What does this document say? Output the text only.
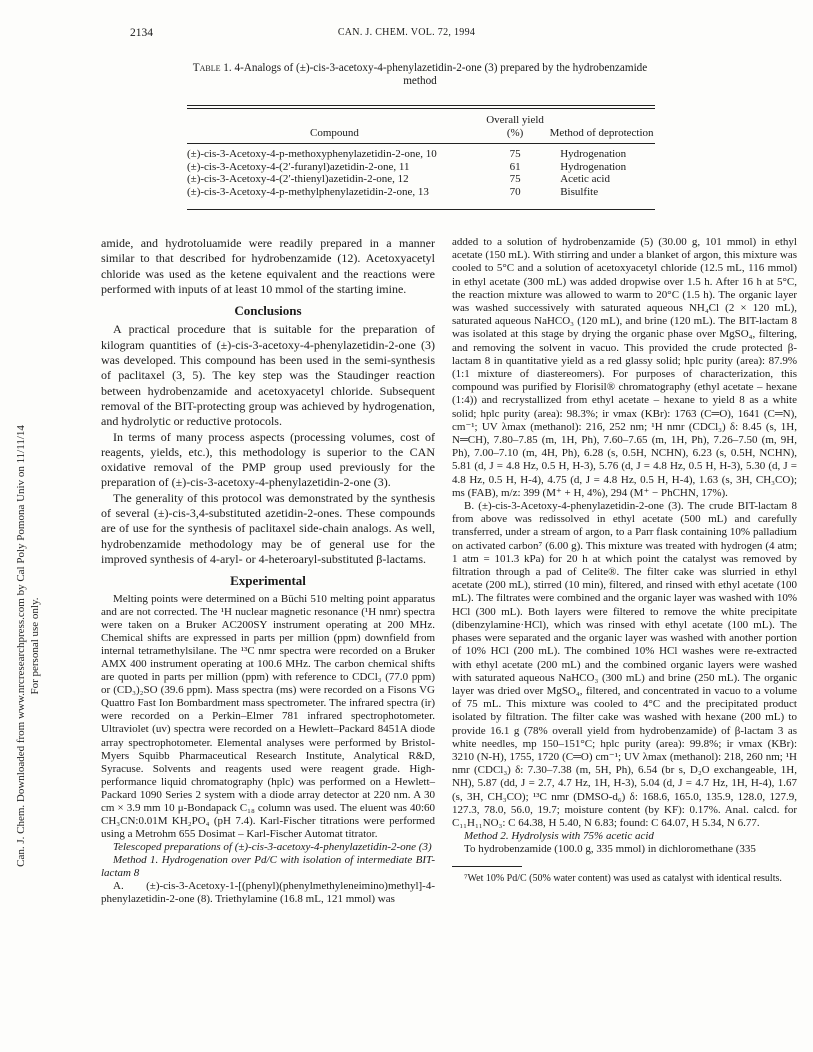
2134	CAN. J. CHEM. VOL. 72, 1994
Can. J. Chem. Downloaded from www.nrcresearchpress.com by Cal Poly Pomona Univ on 11/11/14 For personal use only.
Table 1. 4-Analogs of (±)-cis-3-acetoxy-4-phenylazetidin-2-one (3) prepared by the hydrobenzamide method
Compound	Overall yield (%)	Method of deprotection
(±)-cis-3-Acetoxy-4-p-methoxyphenylazetidin-2-one, 10	75	Hydrogenation
(±)-cis-3-Acetoxy-4-(2′-furanyl)azetidin-2-one, 11	61	Hydrogenation
(±)-cis-3-Acetoxy-4-(2′-thienyl)azetidin-2-one, 12	75	Acetic acid
(±)-cis-3-Acetoxy-4-p-methylphenylazetidin-2-one, 13	70	Bisulfite

amide, and hydrotoluamide were readily prepared in a manner similar to that described for hydrobenzamide (12). Acetoxyacetyl chloride was used as the ketene equivalent and the reactions were performed with inputs of at least 10 mmol of the starting imine.

Conclusions

A practical procedure that is suitable for the preparation of kilogram quantities of (±)-cis-3-acetoxy-4-phenylazetidin-2-one (3) was developed. This compound has been used in the semi-synthesis of paclitaxel (3, 5). The key step was the Staudinger reaction between hydrobenzamide and acetoxyacetyl chloride. Subsequent removal of the BIT-protecting group was achieved by hydrogenation, and hydrolytic or reductive protocols.

In terms of many process aspects (processing volumes, cost of reagents, yields, etc.), this methodology is superior to the CAN oxidative removal of the PMP group used previously for the preparation of (±)-cis-3-acetoxy-4-phenylazetidin-2-one (3).

The generality of this protocol was demonstrated by the synthesis of several (±)-cis-3,4-substituted azetidin-2-ones. These compounds are of use for the synthesis of paclitaxel side-chain analogs. As well, hydrobenzamide methodology may be of general use for the improved synthesis of 4-aryl- or 4-heteroaryl-substituted β-lactams.

Experimental

Melting points were determined on a Büchi 510 melting point apparatus and are not corrected. The ¹H nuclear magnetic resonance (¹H nmr) spectra were taken on a Bruker AC200SY instrument operating at 200 MHz. Chemical shifts are expressed in parts per million (ppm) downfield from internal tetramethylsilane. The ¹³C nmr spectra were recorded on a Bruker AMX 400 instrument operating at 100.6 MHz. The carbon chemical shifts are quoted in parts per million (ppm) with reference to CDCl₃ (77.0 ppm) or (CD₃)₂SO (39.6 ppm). Mass spectra (ms) were recorded on a Fisons VG Quattro Fast Ion Bombardment mass spectrometer. The infrared spectra (ir) were recorded on a Perkin–Elmer 781 infrared spectrophotometer. Ultraviolet (uv) spectra were recorded on a Hewlett–Packard 8451A diode array spectrophotometer. Elemental analyses were performed by Bristol-Myers Squibb Pharmaceutical Research Institute, Analytical R&D, Syracuse. Solvents and reagents used were reagent grade. High-performance liquid chromatography (hplc) was performed on a Hewlett–Packard 1090 Series 2 system with a diode array detector at 220 nm. A 30 cm × 3.9 mm 10 μ-Bondapack C₁₈ column was used. The eluent was 40:60 CH₃CN:0.01M KH₂PO₄ (pH 7.4). Karl-Fischer titrations were performed using a Metrohm 655 Dosimat – Karl-Fischer Automat titrator.

Telescoped preparations of (±)-cis-3-acetoxy-4-phenylazetidin-2-one (3)

Method 1. Hydrogenation over Pd/C with isolation of intermediate BIT-lactam 8

A. (±)-cis-3-Acetoxy-1-[(phenyl)(phenylmethyleneimino)methyl]-4-phenylazetidin-2-one (8). Triethylamine (16.8 mL, 121 mmol) was

added to a solution of hydrobenzamide (5) (30.00 g, 101 mmol) in ethyl acetate (150 mL). With stirring and under a blanket of argon, this mixture was cooled to 5°C and a solution of acetoxyacetyl chloride (12.5 mL, 116 mmol) in ethyl acetate (300 mL) was added dropwise over 1.5 h. After 16 h at 5°C, the reaction mixture was allowed to warm to 20°C (1.5 h). The organic layer was washed successively with saturated aqueous NH₄Cl (2 × 120 mL), saturated aqueous NaHCO₃ (120 mL), and brine (120 mL). The BIT-lactam 8 was isolated at this stage by drying the organic phase over MgSO₄, filtering, and removing the solvent in vacuo. This provided the crude protected β-lactam 8 in quantitative yield as a red glassy solid; hplc purity (area): 87.9% (1:1 mixture of diastereomers). For purposes of characterization, this compound was purified by Florisil® chromatography (ethyl acetate – hexane (1:4)) and recrystallized from ethyl acetate – hexane to yield 8 as a white solid; hplc purity (area): 98.3%; ir νmax (KBr): 1763 (C═O), 1641 (C═N), cm⁻¹; UV λmax (methanol): 216, 252 nm; ¹H nmr (CDCl₃) δ: 8.45 (s, 1H, N═CH), 7.80–7.85 (m, 1H, Ph), 7.60–7.65 (m, 1H, Ph), 7.26–7.50 (m, 9H, Ph), 7.00–7.10 (m, 4H, Ph), 6.28 (s, 0.5H, NCHN), 6.23 (s, 0.5H, NCHN), 5.81 (d, J = 4.8 Hz, 0.5 H, H-3), 5.76 (d, J = 4.8 Hz, 0.5 H, H-3), 5.30 (d, J = 4.8 Hz, 0.5 H, H-4), 4.75 (d, J = 4.8 Hz, 0.5 H, H-4), 1.63 (s, 3H, CH₃CO); ms (FAB), m/z: 399 (M⁺ + H, 4%), 294 (M⁺ − PhCHN, 17%).

B. (±)-cis-3-Acetoxy-4-phenylazetidin-2-one (3). The crude BIT-lactam 8 from above was redissolved in ethyl acetate (500 mL) and carefully transferred, under a stream of argon, to a Parr flask containing 10% palladium on activated carbon⁷ (6.00 g). This mixture was treated with hydrogen (4 atm; 1 atm = 101.3 kPa) for 20 h at which point the catalyst was removed by filtration through a pad of Celite®. The filter cake was slurried in ethyl acetate (200 mL), stirred (10 min), filtered, and rinsed with ethyl acetate (100 mL). The filtrates were combined and the organic layer was washed with 10% HCl (300 mL). Both layers were filtered to remove the white precipitate (dibenzylamine·HCl), which was rinsed with ethyl acetate (100 mL). The phases were separated and the organic layer was washed with another portion of 10% HCl (200 mL). The combined 10% HCl washes were re-extracted with ethyl acetate (200 mL) and the combined organic layers were washed with saturated aqueous NaHCO₃ (300 mL) and brine (250 mL). The organic layer was dried over MgSO₄, filtered, and concentrated in vacuo to a volume of 75 mL. This mixture was cooled to 4°C and the precipitated product isolated by filtration. The filter cake was washed with hexane (200 mL) to provide 16.1 g (78% overall yield from hydrobenzamide) of β-lactam 3 as white needles, mp 150–151°C; hplc purity (area): 99.8%; ir νmax (KBr): 3210 (N-H), 1755, 1720 (C═O) cm⁻¹; UV λmax (methanol): 218, 260 nm; ¹H nmr (CDCl₃) δ: 7.30–7.38 (m, 5H, Ph), 6.54 (br s, D₂O exchangeable, 1H, NH), 5.87 (dd, J = 2.7, 4.7 Hz, 1H, H-3), 5.04 (d, J = 4.7 Hz, 1H, H-4), 1.67 (s, 3H, CH₃CO); ¹³C nmr (DMSO-d₆) δ: 168.6, 165.0, 135.9, 128.0, 127.9, 127.3, 78.0, 56.0, 19.7; moisture content (by KF): 0.17%. Anal. calcd. for C₁₁H₁₁NO₃: C 64.38, H 5.40, N 6.83; found: C 64.07, H 5.34, N 6.77.

Method 2. Hydrolysis with 75% acetic acid

To hydrobenzamide (100.0 g, 335 mmol) in dichloromethane (335

⁷Wet 10% Pd/C (50% water content) was used as catalyst with identical results.
